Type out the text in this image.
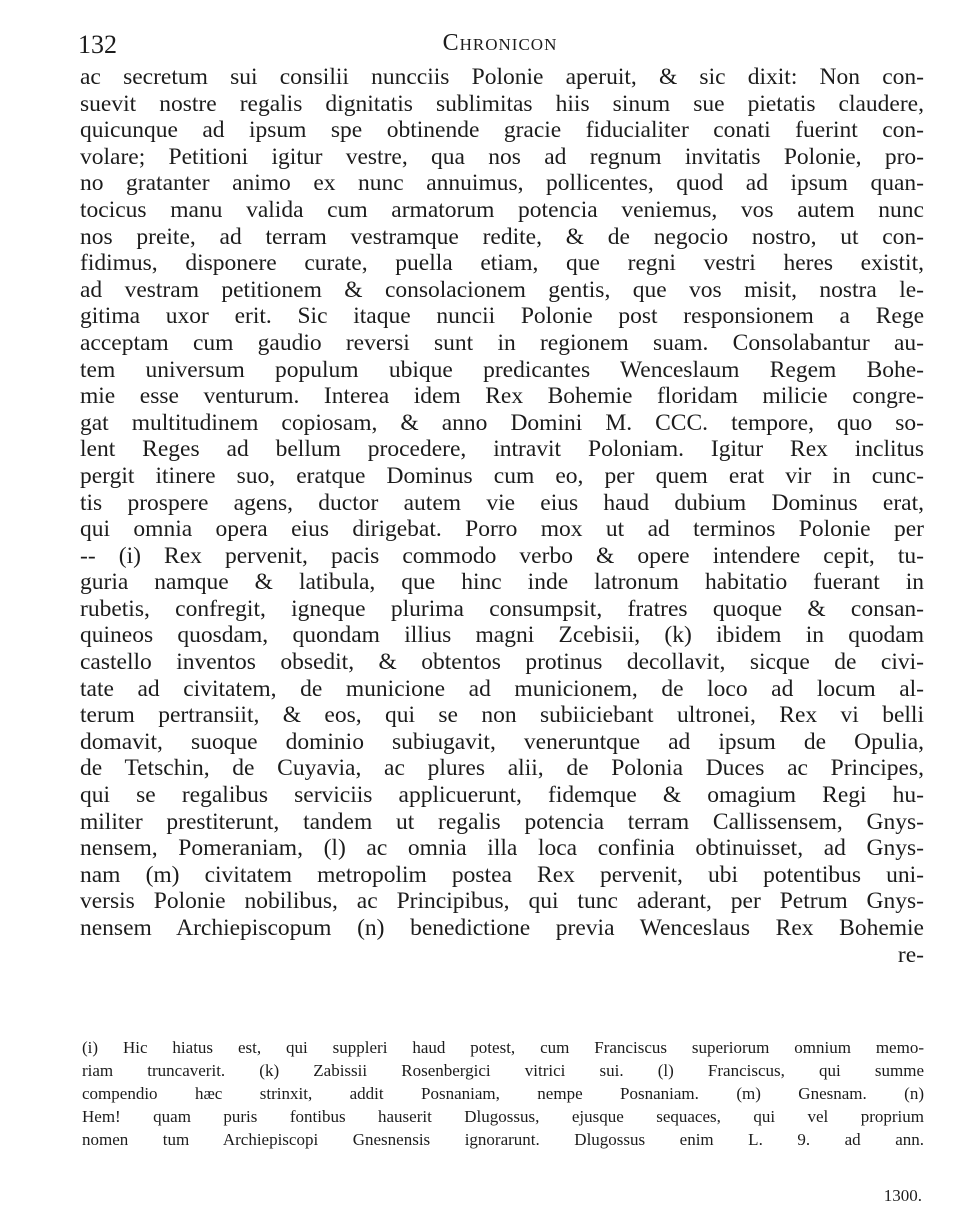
132	Chronicon
ac secretum sui consilii nuncciis Polonie aperuit, & sic dixit: Non con-
suevit nostre regalis dignitatis sublimitas hiis sinum sue pietatis claudere,
quicunque ad ipsum spe obtinende gracie fiducialiter conati fuerint con-
volare; Petitioni igitur vestre, qua nos ad regnum invitatis Polonie, pro-
no gratanter animo ex nunc annuimus, pollicentes, quod ad ipsum quan-
tocicus manu valida cum armatorum potencia veniemus, vos autem nunc
nos preite, ad terram vestramque redite, & de negocio nostro, ut con-
fidimus, disponere curate, puella etiam, que regni vestri heres existit,
ad vestram petitionem & consolacionem gentis, que vos misit, nostra le-
gitima uxor erit. Sic itaque nuncii Polonie post responsionem a Rege
acceptam cum gaudio reversi sunt in regionem suam. Consolabantur au-
tem universum populum ubique predicantes Wenceslaum Regem Bohe-
mie esse venturum. Interea idem Rex Bohemie floridam milicie congre-
gat multitudinem copiosam, & anno Domini M. CCC. tempore, quo so-
lent Reges ad bellum procedere, intravit Poloniam. Igitur Rex inclitus
pergit itinere suo, eratque Dominus cum eo, per quem erat vir in cunc-
tis prospere agens, ductor autem vie eius haud dubium Dominus erat,
qui omnia opera eius dirigebat. Porro mox ut ad terminos Polonie per
-- (i) Rex pervenit, pacis commodo verbo & opere intendere cepit, tu-
guria namque & latibula, que hinc inde latronum habitatio fuerant in
rubetis, confregit, igneque plurima consumpsit, fratres quoque & consan-
quineos quosdam, quondam illius magni Zcebisii, (k) ibidem in quodam
castello inventos obsedit, & obtentos protinus decollavit, sicque de civi-
tate ad civitatem, de municione ad municionem, de loco ad locum al-
terum pertransiit, & eos, qui se non subiiciebant ultronei, Rex vi belli
domavit, suoque dominio subiugavit, veneruntque ad ipsum de Opulia,
de Tetschin, de Cuyavia, ac plures alii, de Polonia Duces ac Principes,
qui se regalibus serviciis applicuerunt, fidemque & omagium Regi hu-
militer prestiterunt, tandem ut regalis potencia terram Callissensem, Gnys-
nensem, Pomeraniam, (l) ac omnia illa loca confinia obtinuisset, ad Gnys-
nam (m) civitatem metropolim postea Rex pervenit, ubi potentibus uni-
versis Polonie nobilibus, ac Principibus, qui tunc aderant, per Petrum Gnys-
nensem Archiepiscopum (n) benedictione previa Wenceslaus Rex Bohemie
re-
(i) Hic hiatus est, qui suppleri haud potest, cum Franciscus superiorum omnium memo-
riam truncaverit. (k) Zabissii Rosenbergici vitrici sui. (l) Franciscus, qui summe
compendio hæc strinxit, addit Posnaniam, nempe Posnaniam. (m) Gnesnam. (n)
Hem! quam puris fontibus hauserit Dlugossus, ejusque sequaces, qui vel proprium
nomen tum Archiepiscopi Gnesnensis ignorarunt. Dlugossus enim L. 9. ad ann.
1300.
